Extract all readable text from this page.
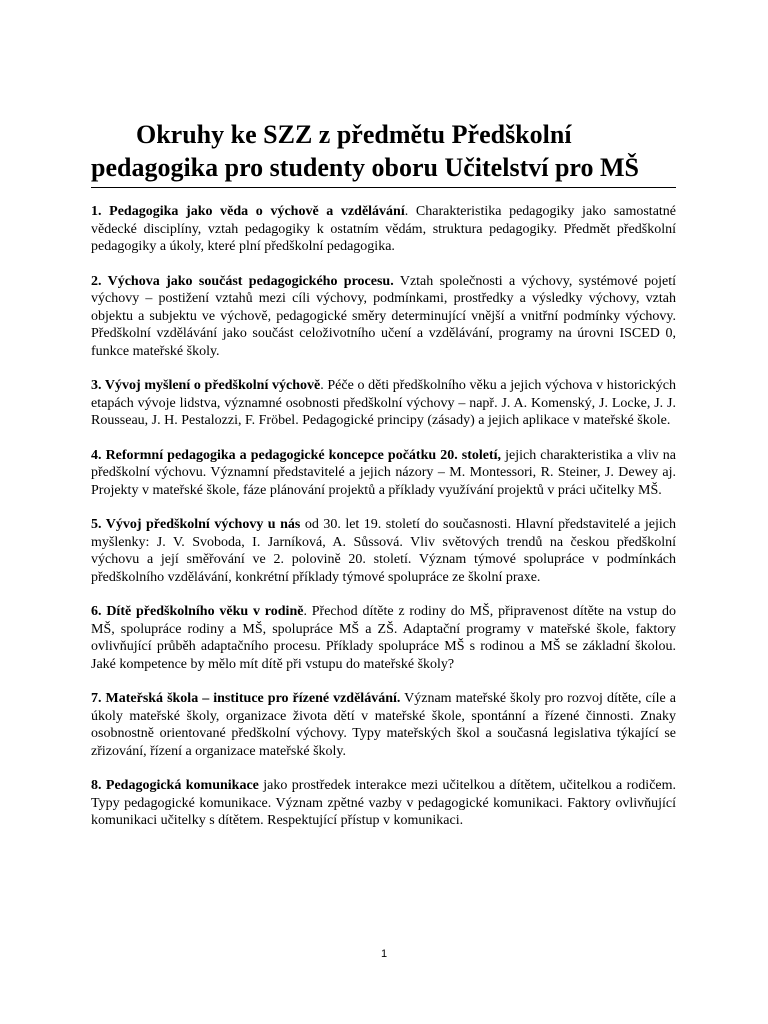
Okruhy ke SZZ z předmětu Předškolní
pedagogika pro studenty oboru Učitelství pro MŠ

1. Pedagogika jako věda o výchově a vzdělávání. Charakteristika pedagogiky jako samostatné vědecké disciplíny, vztah pedagogiky k ostatním vědám, struktura pedagogiky. Předmět předškolní pedagogiky a úkoly, které plní předškolní pedagogika.

2. Výchova jako součást pedagogického procesu. Vztah společnosti a výchovy, systémové pojetí výchovy – postižení vztahů mezi cíli výchovy, podmínkami, prostředky a výsledky výchovy, vztah objektu a subjektu ve výchově, pedagogické směry determinující vnější a vnitřní podmínky výchovy. Předškolní vzdělávání jako součást celoživotního učení a vzdělávání, programy na úrovni ISCED 0, funkce mateřské školy.

3. Vývoj myšlení o předškolní výchově. Péče o děti předškolního věku a jejich výchova v historických etapách vývoje lidstva, významné osobnosti předškolní výchovy – např. J. A. Komenský, J. Locke, J. J. Rousseau, J. H. Pestalozzi, F. Fröbel. Pedagogické principy (zásady) a jejich aplikace v mateřské škole.

4. Reformní pedagogika a pedagogické koncepce počátku 20. století, jejich charakteristika a vliv na předškolní výchovu. Významní představitelé a jejich názory – M. Montessori, R. Steiner, J. Dewey aj. Projekty v mateřské škole, fáze plánování projektů a příklady využívání projektů v práci učitelky MŠ.

5. Vývoj předškolní výchovy u nás od 30. let 19. století do současnosti. Hlavní představitelé a jejich myšlenky: J. V. Svoboda, I. Jarníková, A. Sůssová. Vliv světových trendů na českou předškolní výchovu a její směřování ve 2. polovině 20. století. Význam týmové spolupráce v podmínkách předškolního vzdělávání, konkrétní příklady týmové spolupráce ze školní praxe.

6. Dítě předškolního věku v rodině. Přechod dítěte z rodiny do MŠ, připravenost dítěte na vstup do MŠ, spolupráce rodiny a MŠ, spolupráce MŠ a ZŠ. Adaptační programy v mateřské škole, faktory ovlivňující průběh adaptačního procesu. Příklady spolupráce MŠ s rodinou a MŠ se základní školou. Jaké kompetence by mělo mít dítě při vstupu do mateřské školy?

7. Mateřská škola – instituce pro řízené vzdělávání. Význam mateřské školy pro rozvoj dítěte, cíle a úkoly mateřské školy, organizace života dětí v mateřské škole, spontánní a řízené činnosti. Znaky osobnostně orientované předškolní výchovy. Typy mateřských škol a současná legislativa týkající se zřizování, řízení a organizace mateřské školy.

8. Pedagogická komunikace jako prostředek interakce mezi učitelkou a dítětem, učitelkou a rodičem. Typy pedagogické komunikace. Význam zpětné vazby v pedagogické komunikaci. Faktory ovlivňující komunikaci učitelky s dítětem. Respektující přístup v komunikaci.

1
